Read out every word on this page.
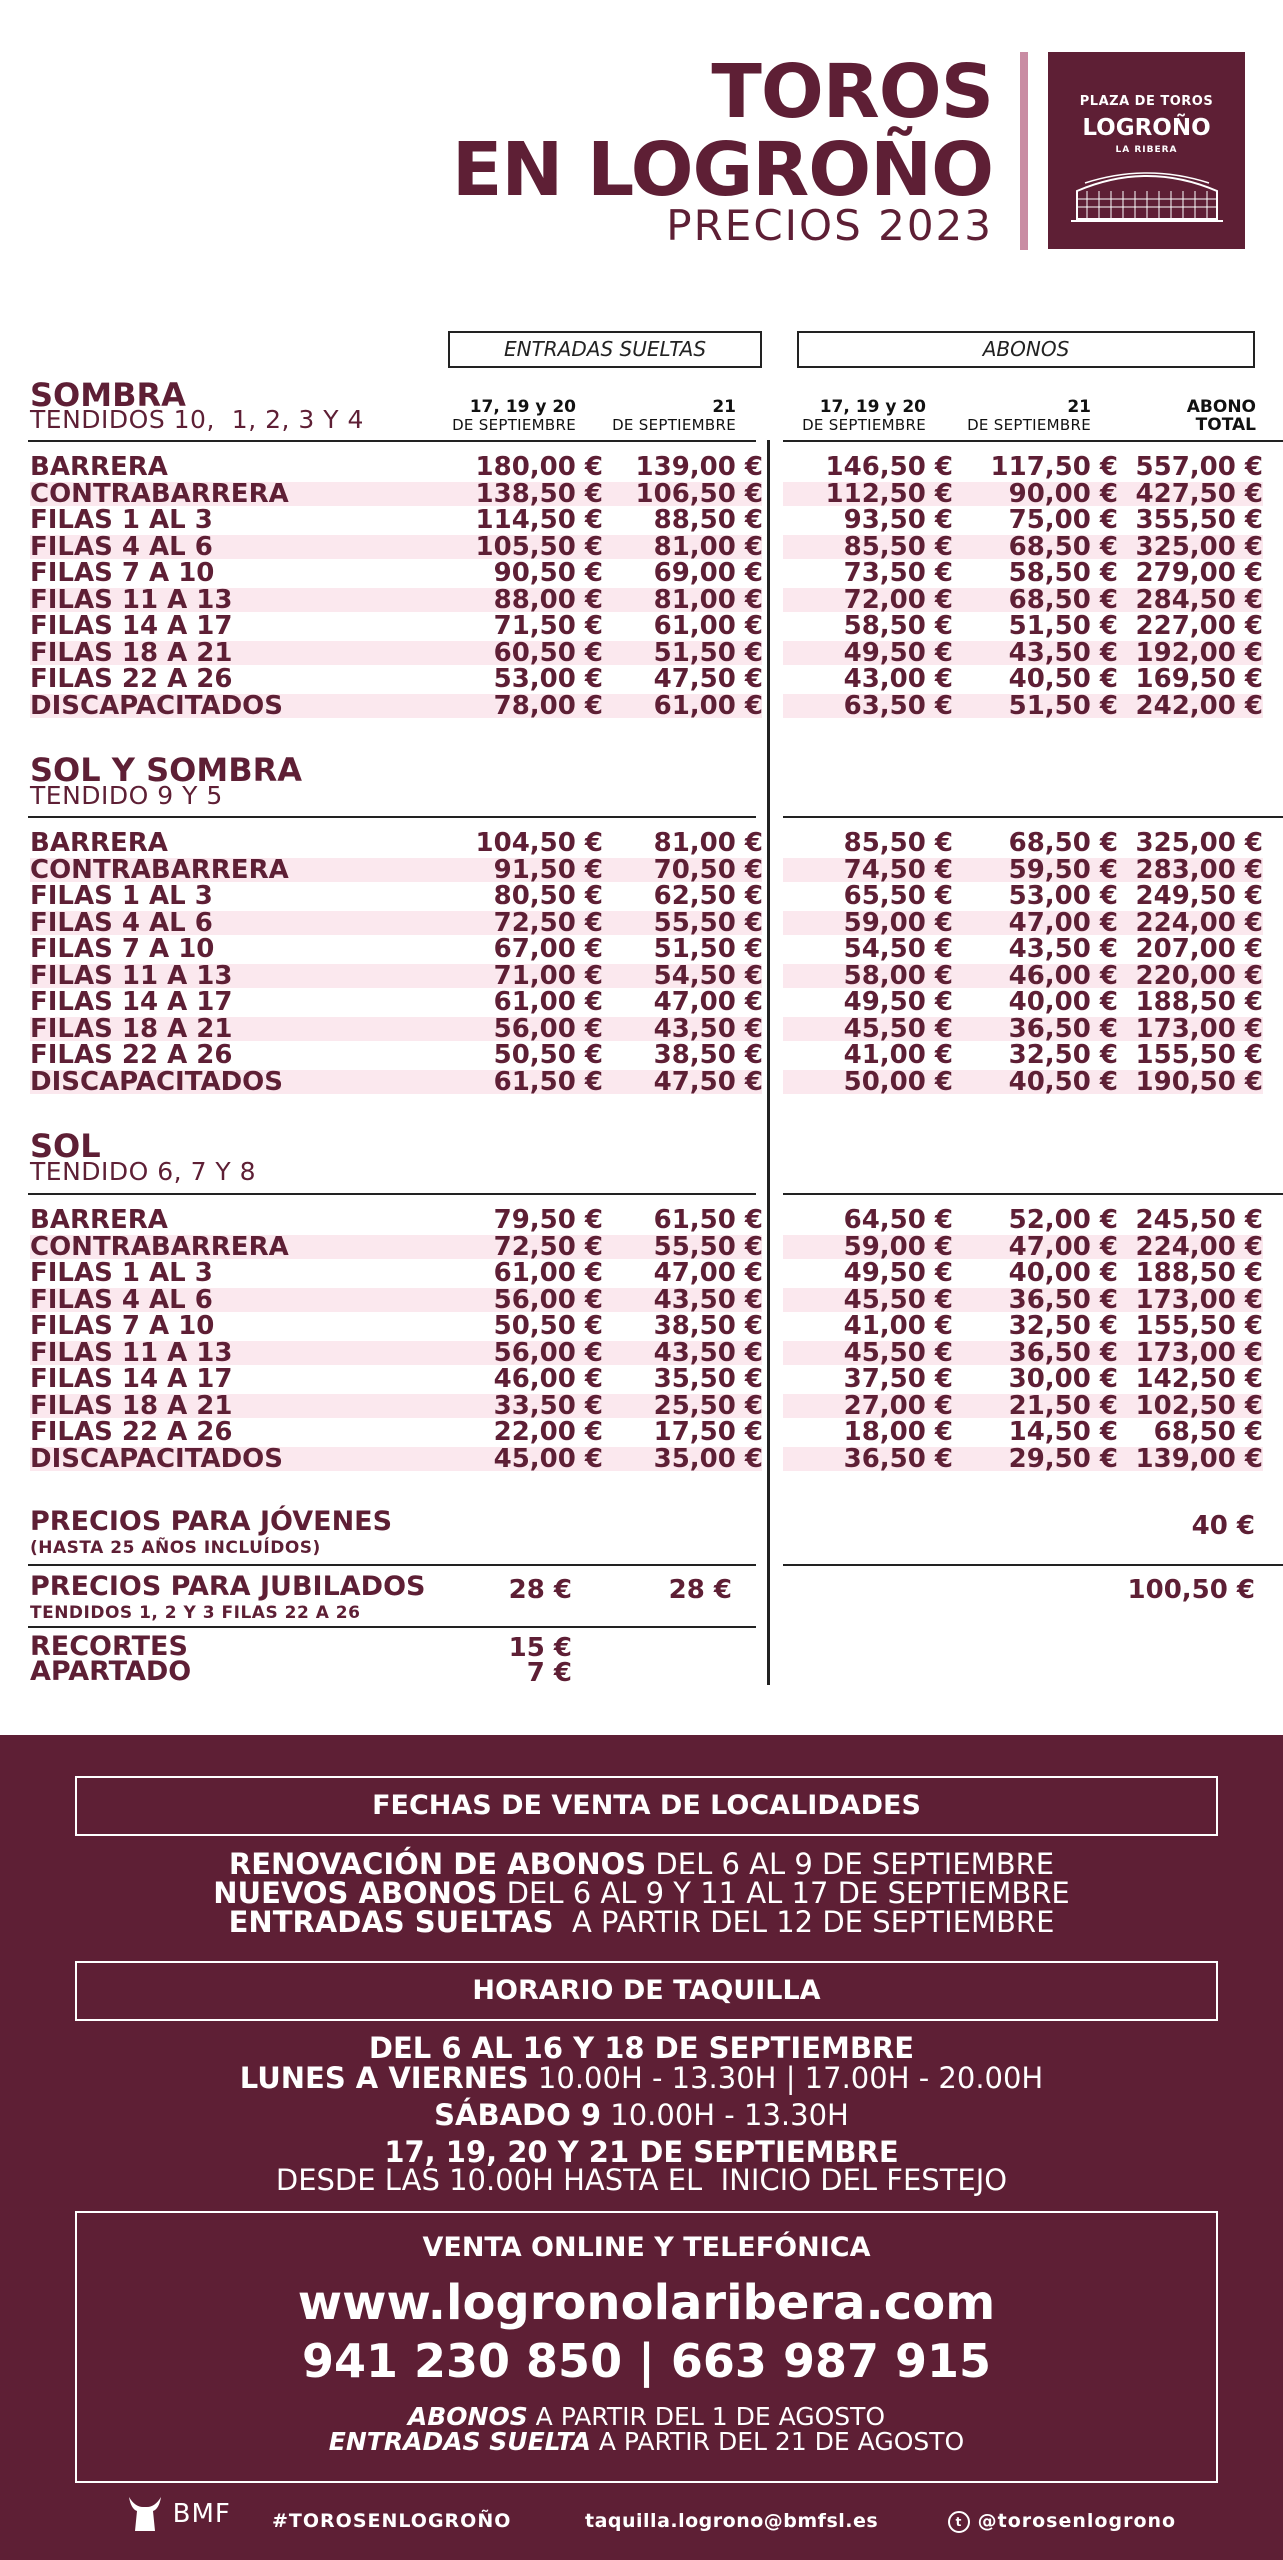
TOROS
EN LOGROÑO
PRECIOS 2023
PLAZA DE TOROS
LOGROÑO
LA RIBERA
ENTRADAS SUELTAS	ABONOS
17, 19 y 20
DE SEPTIEMBRE
21
DE SEPTIEMBRE
17, 19 y 20
DE SEPTIEMBRE
21
DE SEPTIEMBRE
ABONO
TOTAL
SOMBRA
TENDIDOS 10,  1, 2, 3 Y 4
BARRERA	180,00 €	139,00 €	146,50 €	117,50 € 557,00 €
CONTRABARRERA	138,50 €	106,50 €	112,50 €	90,00 € 427,50 €
FILAS 1 AL 3	114,50 €	88,50 €	93,50 €	75,00 € 355,50 €
FILAS 4 AL 6	105,50 €	81,00 €	85,50 €	68,50 € 325,00 €
FILAS 7 A 10	90,50 €	69,00 €	73,50 €	58,50 € 279,00 €
FILAS 11 A 13	88,00 €	81,00 €	72,00 €	68,50 € 284,50 €
FILAS 14 A 17	71,50 €	61,00 €	58,50 €	51,50 € 227,00 €
FILAS 18 A 21	60,50 €	51,50 €	49,50 €	43,50 € 192,00 €
FILAS 22 A 26	53,00 €	47,50 €	43,00 €	40,50 € 169,50 €
DISCAPACITADOS	78,00 €	61,00 €	63,50 €	51,50 € 242,00 €
SOL Y SOMBRA
TENDIDO 9 Y 5
BARRERA	104,50 €	81,00 €	85,50 €	68,50 € 325,00 €
CONTRABARRERA	91,50 €	70,50 €	74,50 €	59,50 € 283,00 €
FILAS 1 AL 3	80,50 €	62,50 €	65,50 €	53,00 € 249,50 €
FILAS 4 AL 6	72,50 €	55,50 €	59,00 €	47,00 € 224,00 €
FILAS 7 A 10	67,00 €	51,50 €	54,50 €	43,50 € 207,00 €
FILAS 11 A 13	71,00 €	54,50 €	58,00 €	46,00 € 220,00 €
FILAS 14 A 17	61,00 €	47,00 €	49,50 €	40,00 € 188,50 €
FILAS 18 A 21	56,00 €	43,50 €	45,50 €	36,50 € 173,00 €
FILAS 22 A 26	50,50 €	38,50 €	41,00 €	32,50 € 155,50 €
DISCAPACITADOS	61,50 €	47,50 €	50,00 €	40,50 € 190,50 €
SOL
TENDIDO 6, 7 Y 8
BARRERA	79,50 €	61,50 €	64,50 €	52,00 € 245,50 €
CONTRABARRERA	72,50 €	55,50 €	59,00 €	47,00 € 224,00 €
FILAS 1 AL 3	61,00 €	47,00 €	49,50 €	40,00 € 188,50 €
FILAS 4 AL 6	56,00 €	43,50 €	45,50 €	36,50 € 173,00 €
FILAS 7 A 10	50,50 €	38,50 €	41,00 €	32,50 € 155,50 €
FILAS 11 A 13	56,00 €	43,50 €	45,50 €	36,50 € 173,00 €
FILAS 14 A 17	46,00 €	35,50 €	37,50 €	30,00 € 142,50 €
FILAS 18 A 21	33,50 €	25,50 €	27,00 €	21,50 € 102,50 €
FILAS 22 A 26	22,00 €	17,50 €	18,00 €	14,50 €	68,50 €
DISCAPACITADOS	45,00 €	35,00 €	36,50 €	29,50 € 139,00 €
PRECIOS PARA JÓVENES
(HASTA 25 AÑOS INCLUÍDOS)
40 €
PRECIOS PARA JUBILADOS
TENDIDOS 1, 2 Y 3 FILAS 22 A 26
28 €	28 €	100,50 €
RECORTES	15 €
APARTADO	7 €
FECHAS DE VENTA DE LOCALIDADES
RENOVACIÓN DE ABONOS DEL 6 AL 9 DE SEPTIEMBRE
NUEVOS ABONOS DEL 6 AL 9 Y 11 AL 17 DE SEPTIEMBRE
ENTRADAS SUELTAS  A PARTIR DEL 12 DE SEPTIEMBRE
HORARIO DE TAQUILLA
DEL 6 AL 16 Y 18 DE SEPTIEMBRE
LUNES A VIERNES 10.00H - 13.30H | 17.00H - 20.00H
SÁBADO 9 10.00H - 13.30H
17, 19, 20 Y 21 DE SEPTIEMBRE
DESDE LAS 10.00H HASTA EL  INICIO DEL FESTEJO
VENTA ONLINE Y TELEFÓNICA
www.logronolaribera.com
941 230 850 | 663 987 915
ABONOS A PARTIR DEL 1 DE AGOSTO
ENTRADAS SUELTA A PARTIR DEL 21 DE AGOSTO
BMF #TOROSENLOGROÑO	taquilla.logrono@bmfsl.es	t @torosenlogrono
